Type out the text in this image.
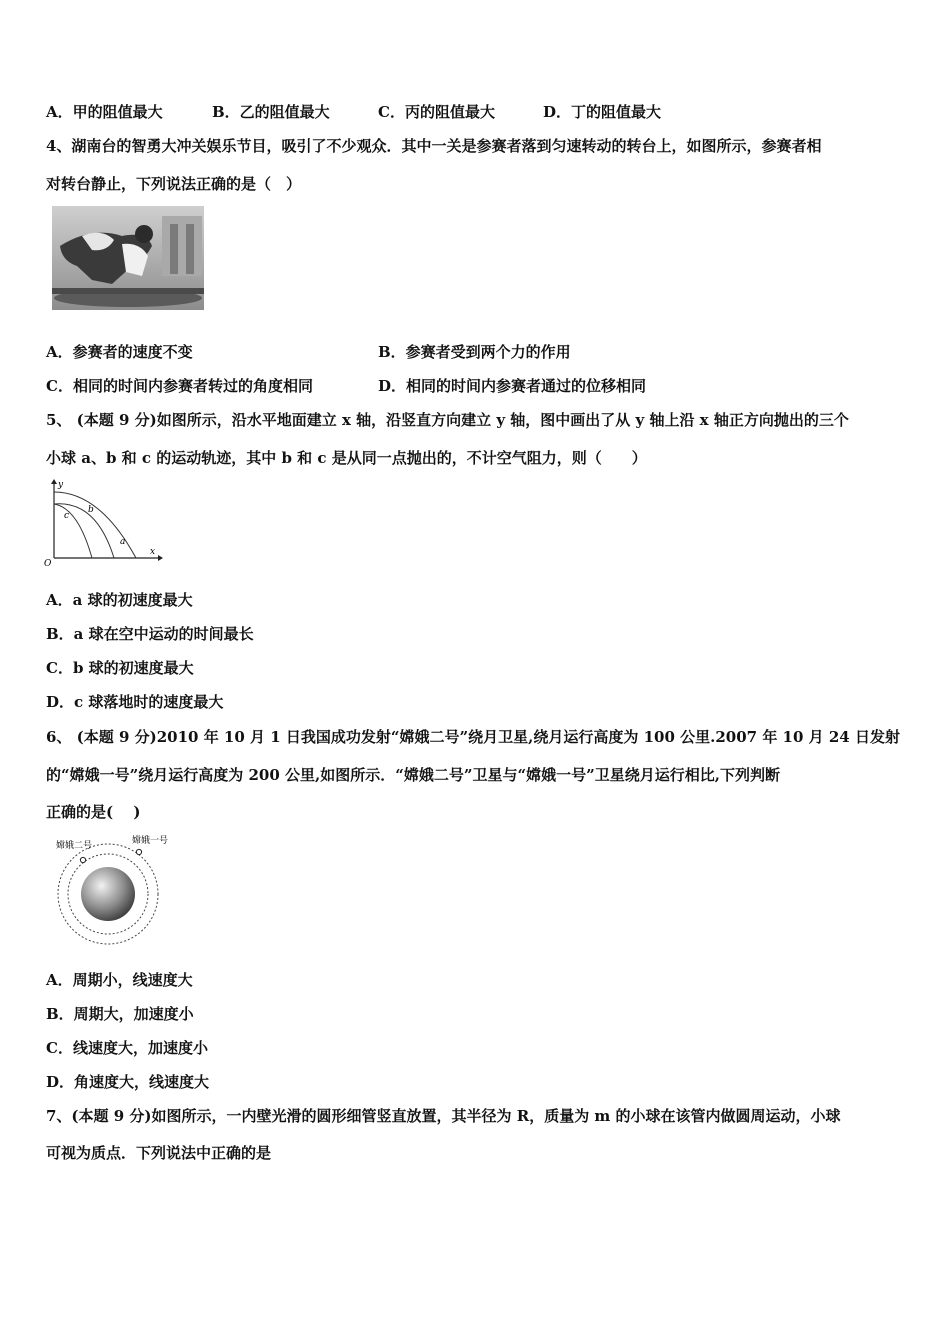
A．甲的阻值最大	B．乙的阻值最大	C．丙的阻值最大	D．丁的阻值最大
4、湖南台的智勇大冲关娱乐节目，吸引了不少观众．其中一关是参赛者落到匀速转动的转台上，如图所示，参赛者相
对转台静止，下列说法正确的是（　）
A．参赛者的速度不变	B．参赛者受到两个力的作用
C．相同的时间内参赛者转过的角度相同	D．相同的时间内参赛者通过的位移相同
5、 (本题 9 分)如图所示，沿水平地面建立 x 轴，沿竖直方向建立 y 轴，图中画出了从 y 轴上沿 x 轴正方向抛出的三个
小球 a、b 和 c 的运动轨迹，其中 b 和 c 是从同一点抛出的，不计空气阻力，则（　　）
y
x
O
a
b
c
A．a 球的初速度最大
B．a 球在空中运动的时间最长
C．b 球的初速度最大
D．c 球落地时的速度最大
6、 (本题 9 分)2010 年 10 月 1 日我国成功发射“嫦娥二号”绕月卫星,绕月运行高度为 100 公里.2007 年 10 月 24 日发射
的“嫦娥一号”绕月运行高度为 200 公里,如图所示．“嫦娥二号”卫星与“嫦娥一号”卫星绕月运行相比,下列判断
正确的是(　 )
嫦娥二号	嫦娥一号
A．周期小，线速度大
B．周期大，加速度小
C．线速度大，加速度小
D．角速度大，线速度大
7、(本题 9 分)如图所示，一内壁光滑的圆形细管竖直放置，其半径为 R，质量为 m 的小球在该管内做圆周运动，小球
可视为质点．下列说法中正确的是
